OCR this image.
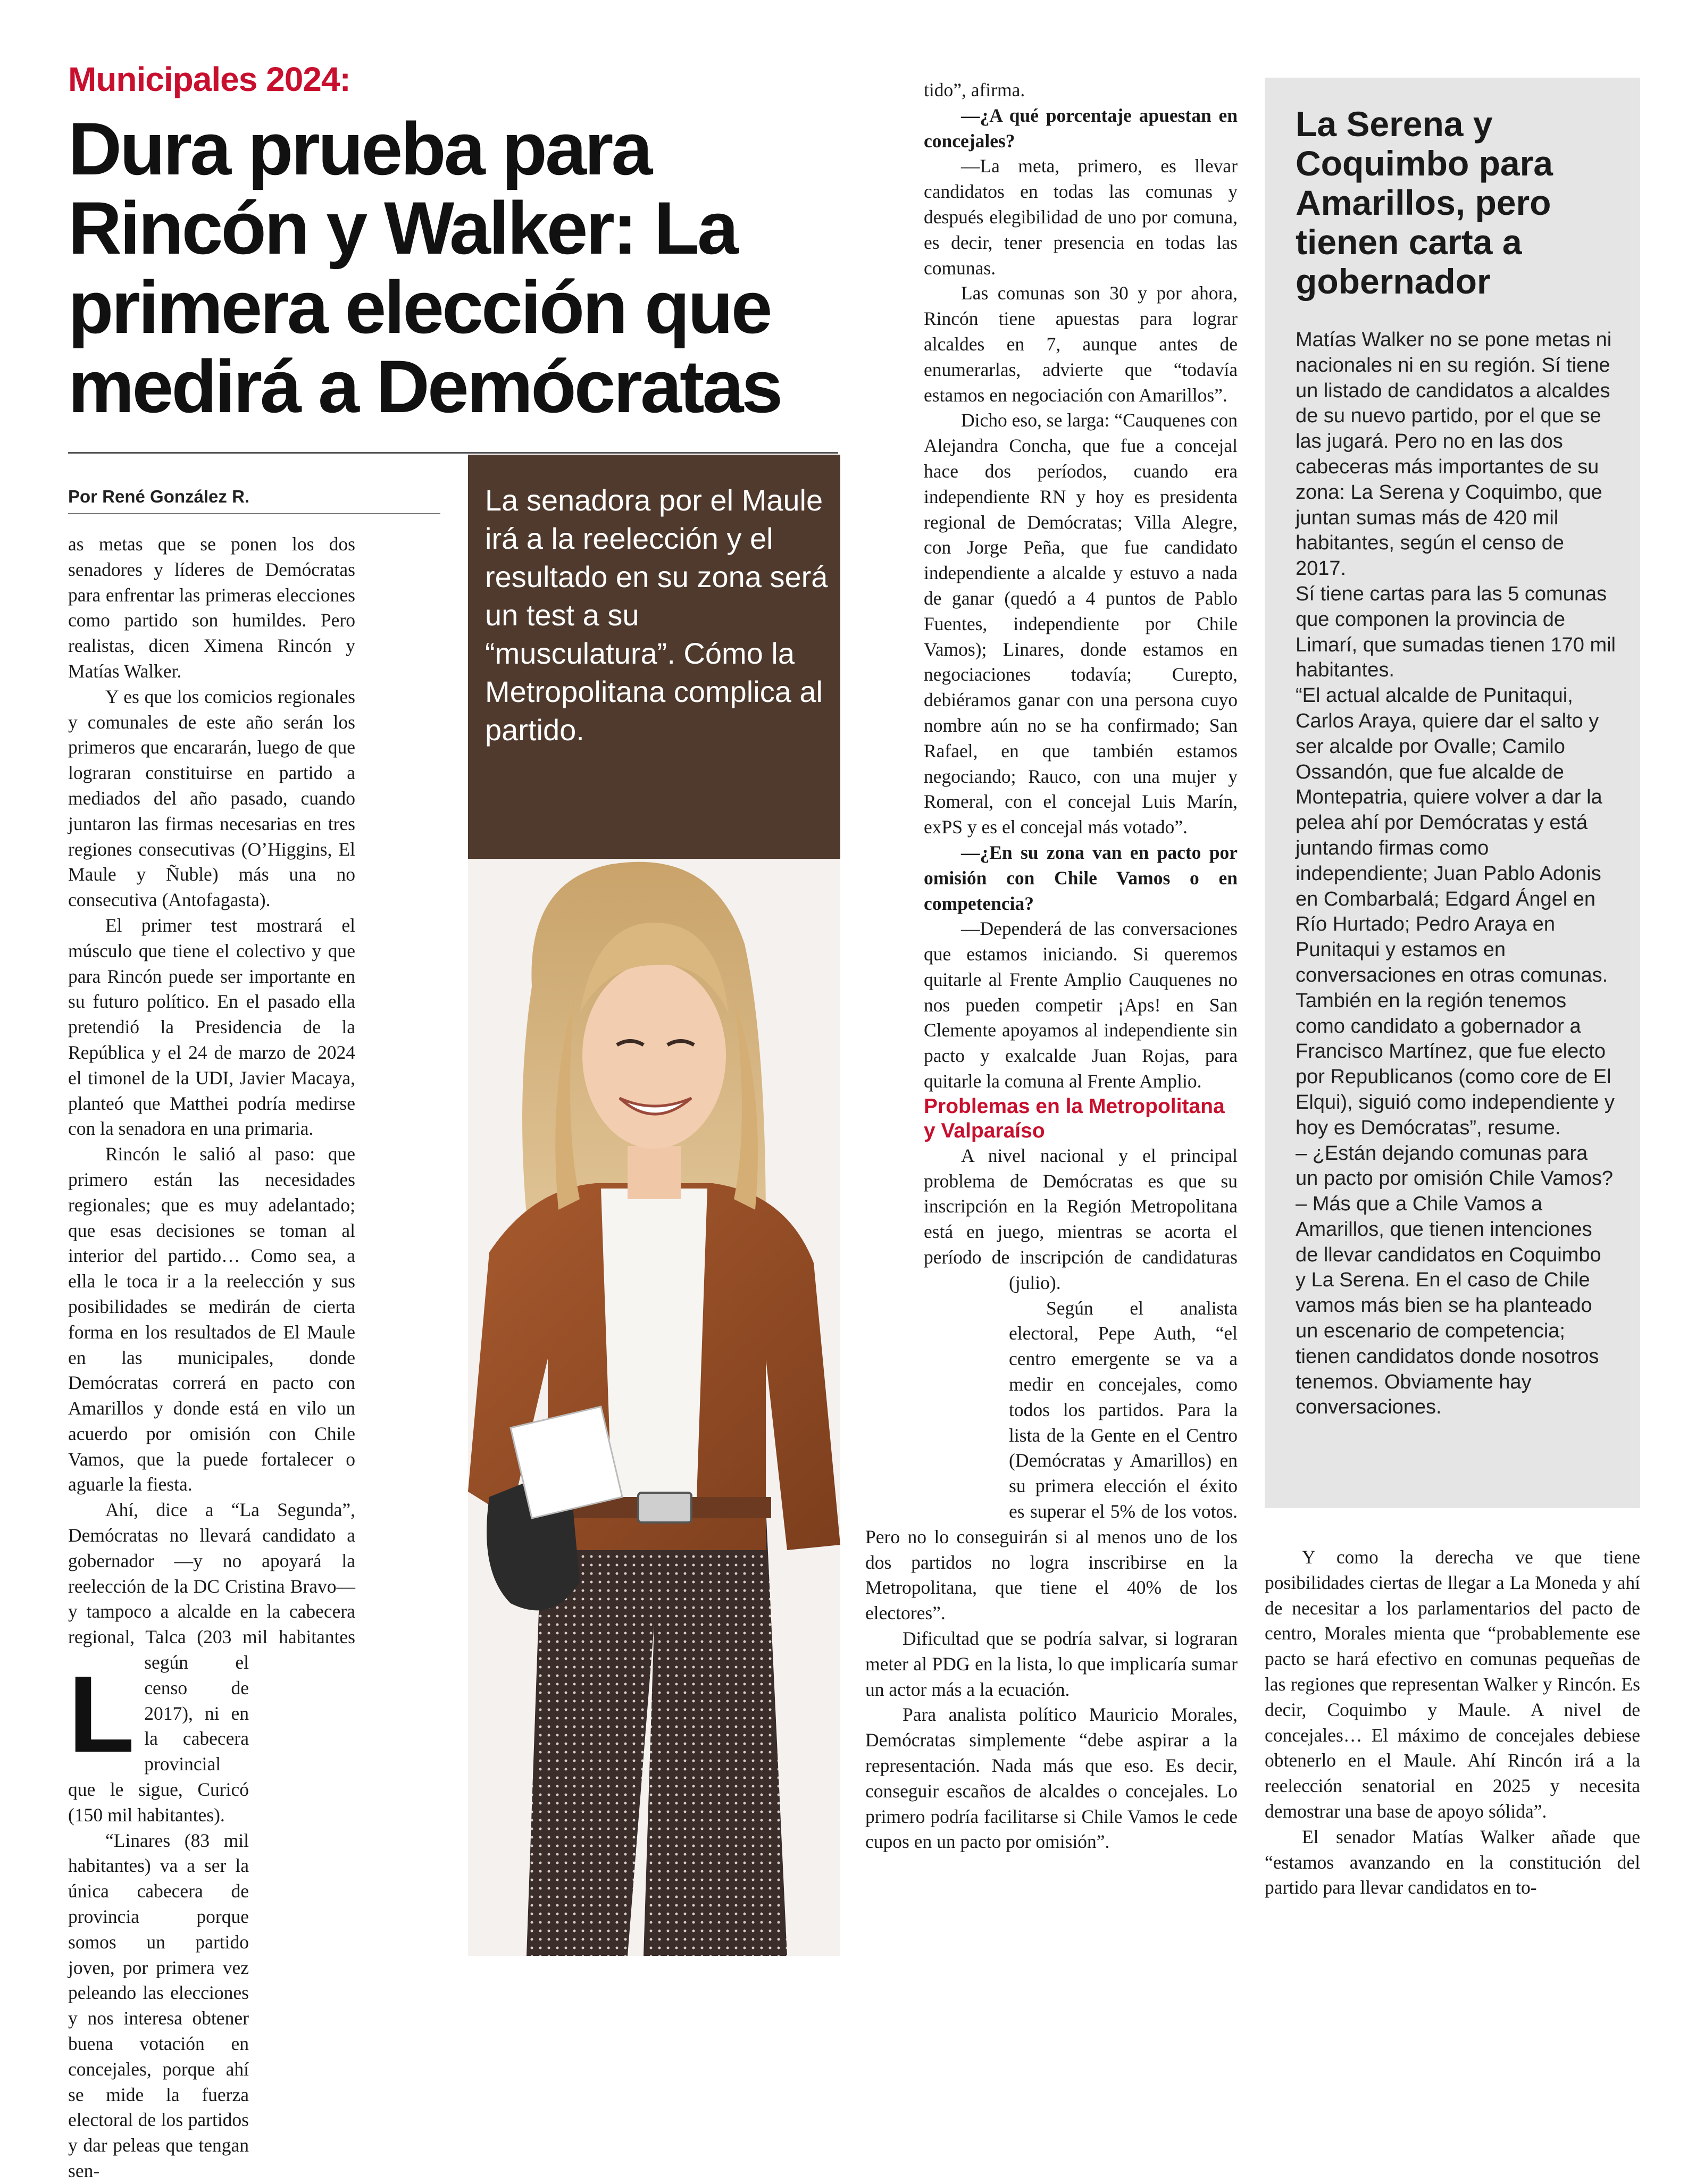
Municipales 2024:
Dura prueba para Rincón y Walker: La primera elección que medirá a Demócratas
Por René González R.

L
as metas que se ponen los dos senadores y líderes de Demócratas para enfrentar las primeras elecciones como partido son humildes. Pero realistas, dicen Ximena Rincón y Matías Walker.

Y es que los comicios regionales y comunales de este año serán los primeros que encararán, luego de que lograran constituirse en partido a mediados del año pasado, cuando juntaron las firmas necesarias en tres regiones consecutivas (O’Higgins, El Maule y Ñuble) más una no consecutiva (Antofagasta).

El primer test mostrará el músculo que tiene el colectivo y que para Rincón puede ser importante en su futuro político. En el pasado ella pretendió la Presidencia de la República y el 24 de marzo de 2024 el timonel de la UDI, Javier Macaya, planteó que Matthei podría medirse con la senadora en una primaria.

Rincón le salió al paso: que primero están las necesidades regionales; que es muy adelantado; que esas decisiones se toman al interior del partido… Como sea, a ella le toca ir a la reelección y sus posibilidades se medirán de cierta forma en los resultados de El Maule en las municipales, donde Demócratas correrá en pacto con Amarillos y donde está en vilo un acuerdo por omisión con Chile Vamos, que la puede fortalecer o aguarle la fiesta.

Ahí, dice a “La Segunda”, Demócratas no llevará candidato a gobernador —y no apoyará la reelección de la DC Cristina Bravo— y tampoco a alcalde en la cabecera regional, Talca (203 mil habitantes según el censo de 2017), ni en la cabecera provincial que le sigue, Curicó (150 mil habitantes).

“Linares (83 mil habitantes) va a ser la única cabecera de provincia porque somos un partido joven, por primera vez peleando las elecciones y nos interesa obtener buena votación en concejales, porque ahí se mide la fuerza electoral de los partidos y dar peleas que tengan sen-

La senadora por el Maule irá a la reelección y el resultado en su zona será un test a su “musculatura”. Cómo la Metropolitana complica al partido.

tido”, afirma.

—¿A qué porcentaje apuestan en concejales?

—La meta, primero, es llevar candidatos en todas las comunas y después elegibilidad de uno por comuna, es decir, tener presencia en todas las comunas.

Las comunas son 30 y por ahora, Rincón tiene apuestas para lograr alcaldes en 7, aunque antes de enumerarlas, advierte que “todavía estamos en negociación con Amarillos”.

Dicho eso, se larga: “Cauquenes con Alejandra Concha, que fue a concejal hace dos períodos, cuando era independiente RN y hoy es presidenta regional de Demócratas; Villa Alegre, con Jorge Peña, que fue candidato independiente a alcalde y estuvo a nada de ganar (quedó a 4 puntos de Pablo Fuentes, independiente por Chile Vamos); Linares, donde estamos en negociaciones todavía; Curepto, debiéramos ganar con una persona cuyo nombre aún no se ha confirmado; San Rafael, en que también estamos negociando; Rauco, con una mujer y Romeral, con el concejal Luis Marín, exPS y es el concejal más votado”.

—¿En su zona van en pacto por omisión con Chile Vamos o en competencia?

—Dependerá de las conversaciones que estamos iniciando. Si queremos quitarle al Frente Amplio Cauquenes no nos pueden competir ¡Aps! en San Clemente apoyamos al independiente sin pacto y exalcalde Juan Rojas, para quitarle la comuna al Frente Amplio.

Problemas en la Metropolitana y Valparaíso

A nivel nacional y el principal problema de Demócratas es que su inscripción en la Región Metropolitana está en juego, mientras se acorta el período de inscripción de candidaturas (julio).

Según el analista electoral, Pepe Auth, “el centro emergente se va a medir en concejales, como todos los partidos. Para la lista de la Gente en el Centro (Demócratas y Amarillos) en su primera elección el éxito es superar el 5% de los votos. Pero no lo conseguirán si al menos uno de los dos partidos no logra inscribirse en la Metropolitana, que tiene el 40% de los electores”.

Dificultad que se podría salvar, si lograran meter al PDG en la lista, lo que implicaría sumar un actor más a la ecuación.

Para analista político Mauricio Morales, Demócratas simplemente “debe aspirar a la representación. Nada más que eso. Es decir, conseguir escaños de alcaldes o concejales. Lo primero podría facilitarse si Chile Vamos le cede cupos en un pacto por omisión”.

La Serena y Coquimbo para Amarillos, pero tienen carta a gobernador

Matías Walker no se pone metas ni nacionales ni en su región. Sí tiene un listado de candidatos a alcaldes de su nuevo partido, por el que se las jugará. Pero no en las dos cabeceras más importantes de su zona: La Serena y Coquimbo, que juntan sumas más de 420 mil habitantes, según el censo de 2017.

Sí tiene cartas para las 5 comunas que componen la provincia de Limarí, que sumadas tienen 170 mil habitantes.

“El actual alcalde de Punitaqui, Carlos Araya, quiere dar el salto y ser alcalde por Ovalle; Camilo Ossandón, que fue alcalde de Montepatria, quiere volver a dar la pelea ahí por Demócratas y está juntando firmas como independiente; Juan Pablo Adonis en Combarbalá; Edgard Ángel en Río Hurtado; Pedro Araya en Punitaqui y estamos en conversaciones en otras comunas. También en la región tenemos como candidato a gobernador a Francisco Martínez, que fue electo por Republicanos (como core de El Elqui), siguió como independiente y hoy es Demócratas”, resume.

– ¿Están dejando comunas para un pacto por omisión Chile Vamos?

– Más que a Chile Vamos a Amarillos, que tienen intenciones de llevar candidatos en Coquimbo y La Serena. En el caso de Chile vamos más bien se ha planteado un escenario de competencia; tienen candidatos donde nosotros tenemos. Obviamente hay conversaciones.

Y como la derecha ve que tiene posibilidades ciertas de llegar a La Moneda y ahí de necesitar a los parlamentarios del pacto de centro, Morales mienta que “probablemente ese pacto se hará efectivo en comunas pequeñas de las regiones que representan Walker y Rincón. Es decir, Coquimbo y Maule. A nivel de concejales… El máximo de concejales debiese obtenerlo en el Maule. Ahí Rincón irá a la reelección senatorial en 2025 y necesita demostrar una base de apoyo sólida”.

El senador Matías Walker añade que “estamos avanzando en la constitución del partido para llevar candidatos en to-
